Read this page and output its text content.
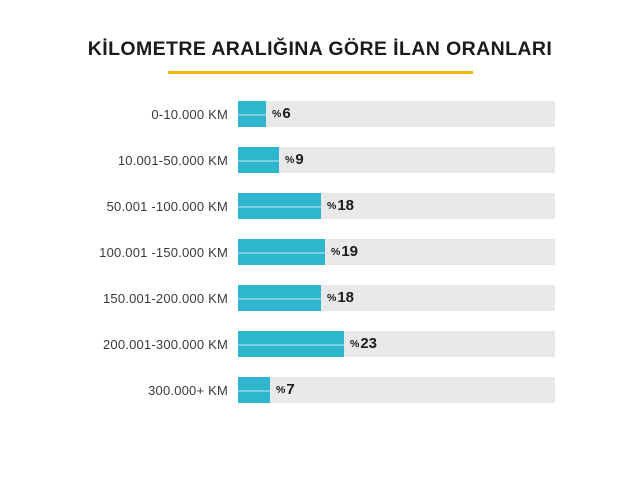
KİLOMETRE ARALIĞINA GÖRE İLAN ORANLARI
0-10.000 KM	%6
10.001-50.000 KM	%9
50.001 -100.000 KM	%18
100.001 -150.000 KM	%19
150.001-200.000 KM	%18
200.001-300.000 KM	%23
300.000+ KM	%7
